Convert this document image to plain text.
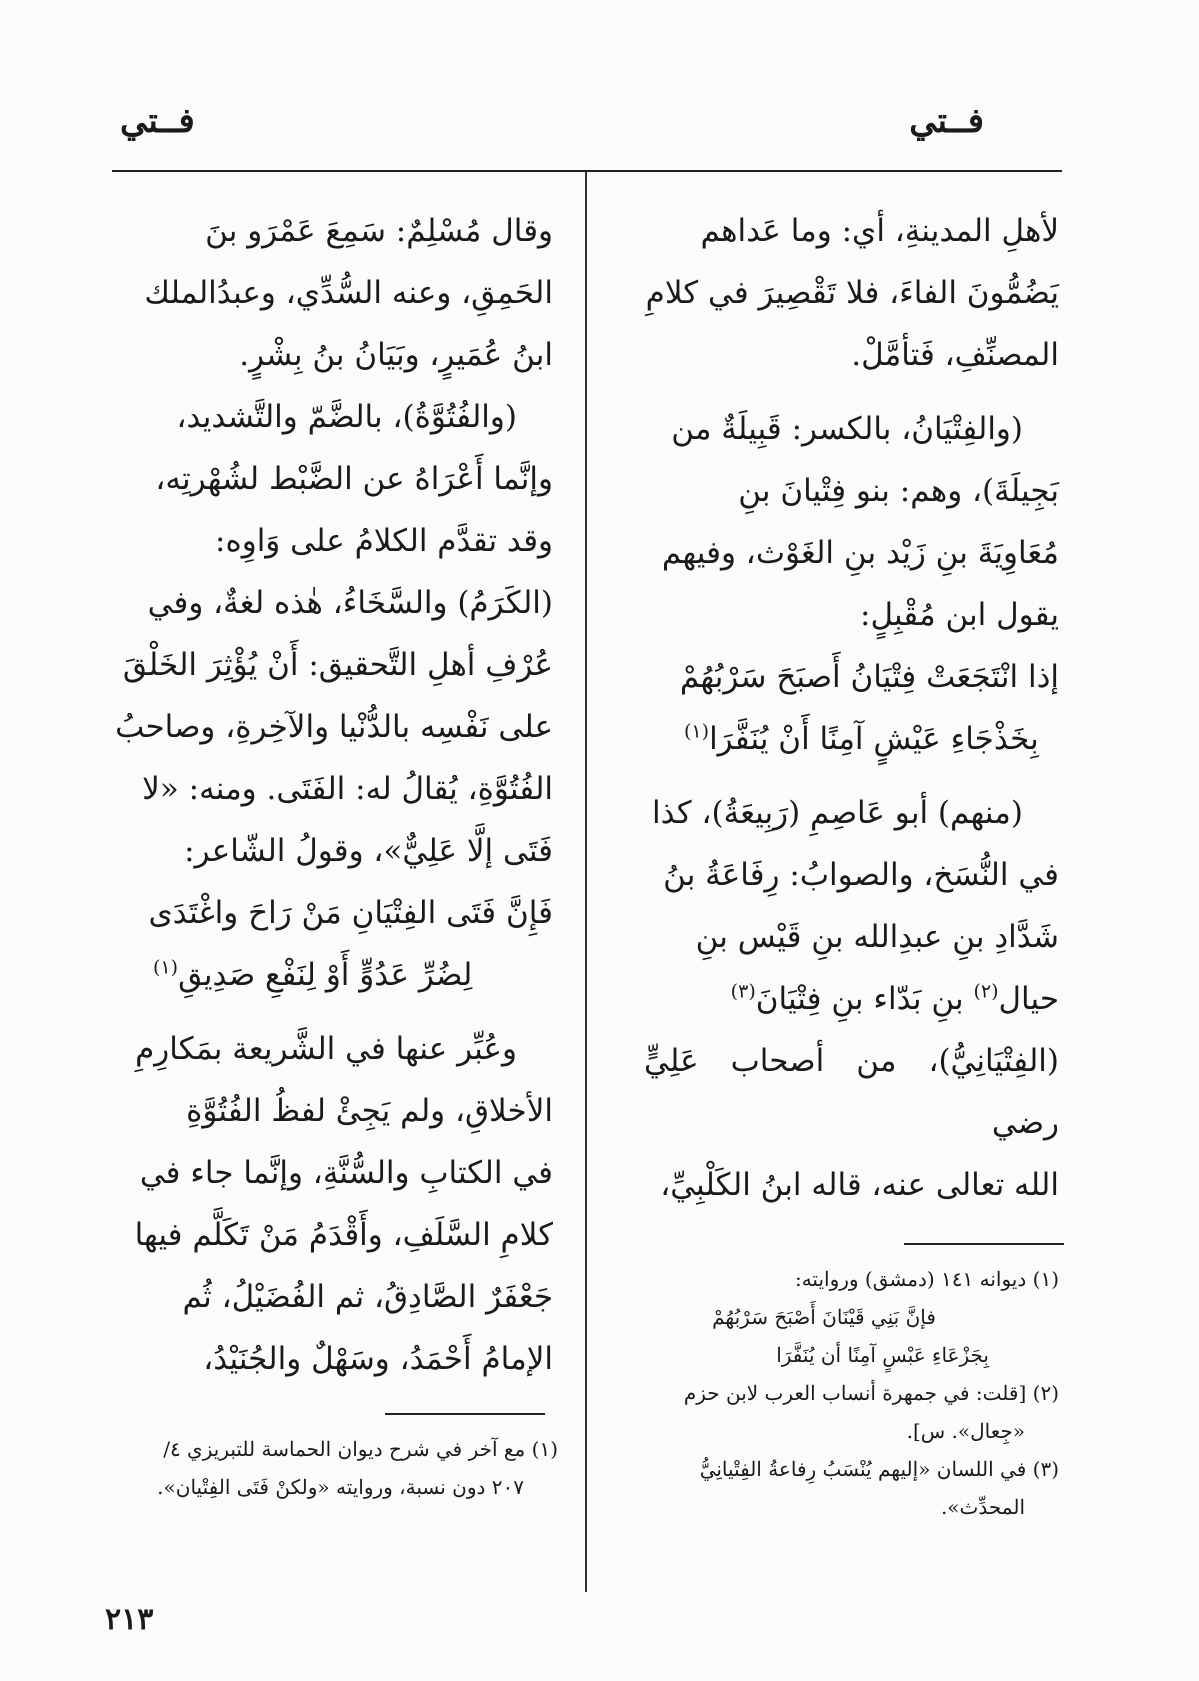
فــتي
فــتي

لأهلِ المدينةِ، أي: وما عَداهم

يَضُمُّونَ الفاءَ، فلا تَقْصِيرَ في كلامِ

المصنِّفِ، فَتأمَّلْ.

(والفِتْيَانُ، بالكسر: قَبِيلَةٌ من

بَجِيلَةَ)، وهم: بنو فِتْيانَ بنِ

مُعَاوِيَةَ بنِ زَيْد بنِ الغَوْث، وفيهم

يقول ابن مُقْبِلٍ:

إذا انْتَجَعَتْ فِتْيَانُ أَصبَحَ سَرْبُهُمْ

بِخَذْجَاءِ عَيْشٍ آمِنًا أَنْ يُنَفَّرَا$^{(١)}$

(منهم) أبو عَاصِمِ (رَبِيعَةُ)، كذا

في النُّسَخ، والصوابُ: رِفَاعَةُ بنُ

شَدَّادِ بنِ عبدِالله بنِ قَيْس بنِ

حيال$^{(٢)}$ بنِ بَدّاء بنِ فِتْيَانَ$^{(٣)}$

(الفِتْيَانِيُّ)، من أصحاب عَلِيٍّ رضي

الله تعالى عنه، قاله ابنُ الكَلْبِيِّ،

وقال مُسْلِمٌ: سَمِعَ عَمْرَو بنَ

الحَمِقِ، وعنه السُّدِّي، وعبدُالملك

ابنُ عُمَيرٍ، وبَيَانُ بنُ بِشْرٍ.

(والفُتُوَّةُ)، بالضَّمّ والتَّشديد،

وإنَّما أَعْرَاهُ عن الضَّبْط لشُهْرتِه،

وقد تقدَّم الكلامُ على وَاوِه:

(الكَرَمُ) والسَّخَاءُ، هٰذه لغةٌ، وفي

عُرْفِ أهلِ التَّحقيق: أَنْ يُؤْثِرَ الخَلْقَ

على نَفْسِه بالدُّنْيا والآخِرةِ، وصاحبُ

الفُتُوَّةِ، يُقالُ له: الفَتَى. ومنه: «لا

فَتَى إلَّا عَلِيٌّ»، وقولُ الشّاعر:

فَإِنَّ فَتَى الفِتْيَانِ مَنْ رَاحَ واغْتَدَى

لِضُرِّ عَدُوٍّ أَوْ لِنَفْعِ صَدِيقِ$^{(١)}$

وعُبِّر عنها في الشَّريعة بمَكارِمِ

الأخلاقِ، ولم يَجِئْ لفظُ الفُتُوَّةِ

في الكتابِ والسُّنَّةِ، وإنَّما جاء في

كلامِ السَّلَفِ، وأَقْدَمُ مَنْ تَكَلَّم فيها

جَعْفَرٌ الصَّادِقُ، ثم الفُضَيْلُ، ثُم

الإمامُ أَحْمَدُ، وسَهْلٌ والجُنَيْدُ،

(١) ديوانه ١٤١ (دمشق) وروايته:

فإنَّ بَنِي قَيْنَانَ أَصْبَحَ سَرْبُهُمْ

بِجَزْعَاءِ عَبْسٍ آمِنًا أن يُنَفَّرَا

(٢) [قلت: في جمهرة أنساب العرب لابن حزم

«جِعال». س].

(٣) في اللسان «إليهم يُنْسَبُ رِفاعةُ الفِتْيانِيُّ

المحدِّث».

(١) مع آخر في شرح ديوان الحماسة للتبريزي ٤/

٢٠٧ دون نسبة، وروايته «ولكنْ فَتَى الفِتْيان».

٢١٣
